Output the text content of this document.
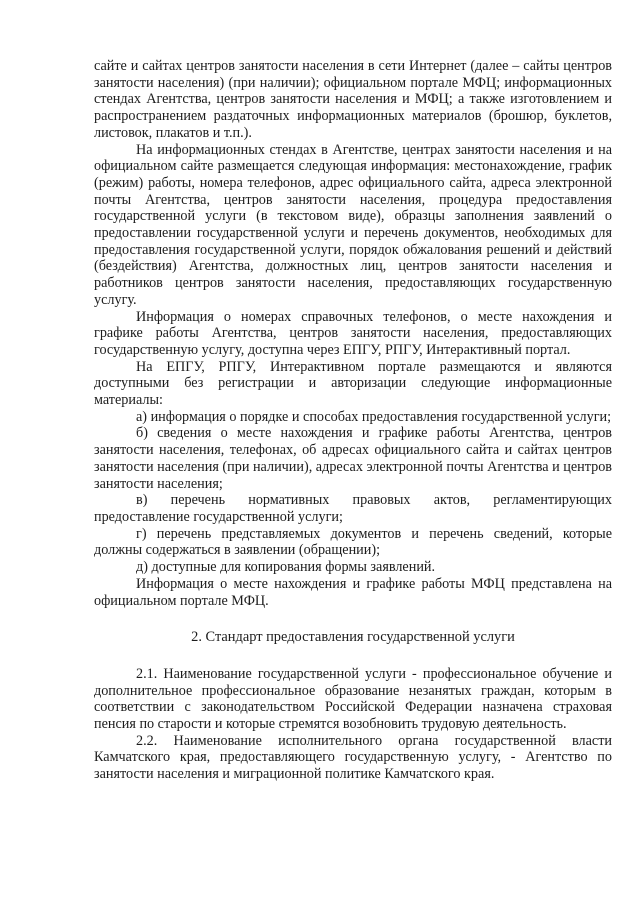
сайте и сайтах центров занятости населения в сети Интернет (далее – сайты центров занятости населения) (при наличии); официальном портале МФЦ; информационных стендах Агентства, центров занятости населения и МФЦ; а также изготовлением и распространением раздаточных информационных материалов (брошюр, буклетов, листовок, плакатов и т.п.).

На информационных стендах в Агентстве, центрах занятости населения и на официальном сайте размещается следующая информация: местонахождение, график (режим) работы, номера телефонов, адрес официального сайта, адреса электронной почты Агентства, центров занятости населения, процедура предоставления государственной услуги (в текстовом виде), образцы заполнения заявлений о предоставлении государственной услуги и перечень документов, необходимых для предоставления государственной услуги, порядок обжалования решений и действий (бездействия) Агентства, должностных лиц, центров занятости населения и работников центров занятости населения, предоставляющих государственную услугу.

Информация о номерах справочных телефонов, о месте нахождения и графике работы Агентства, центров занятости населения, предоставляющих государственную услугу, доступна через ЕПГУ, РПГУ, Интерактивный портал.

На ЕПГУ, РПГУ, Интерактивном портале размещаются и являются доступными без регистрации и авторизации следующие информационные материалы:

а) информация о порядке и способах предоставления государственной услуги;

б) сведения о месте нахождения и графике работы Агентства, центров занятости населения, телефонах, об адресах официального сайта и сайтах центров занятости населения (при наличии), адресах электронной почты Агентства и центров занятости населения;

в) перечень нормативных правовых актов, регламентирующих предоставление государственной услуги;

г) перечень представляемых документов и перечень сведений, которые должны содержаться в заявлении (обращении);

д) доступные для копирования формы заявлений.

Информация о месте нахождения и графике работы МФЦ представлена на официальном портале МФЦ.

2. Стандарт предоставления государственной услуги

2.1. Наименование государственной услуги - профессиональное обучение и дополнительное профессиональное образование незанятых граждан, которым в соответствии с законодательством Российской Федерации назначена страховая пенсия по старости и которые стремятся возобновить трудовую деятельность.

2.2. Наименование исполнительного органа государственной власти Камчатского края, предоставляющего государственную услугу, - Агентство по занятости населения и миграционной политике Камчатского края.
